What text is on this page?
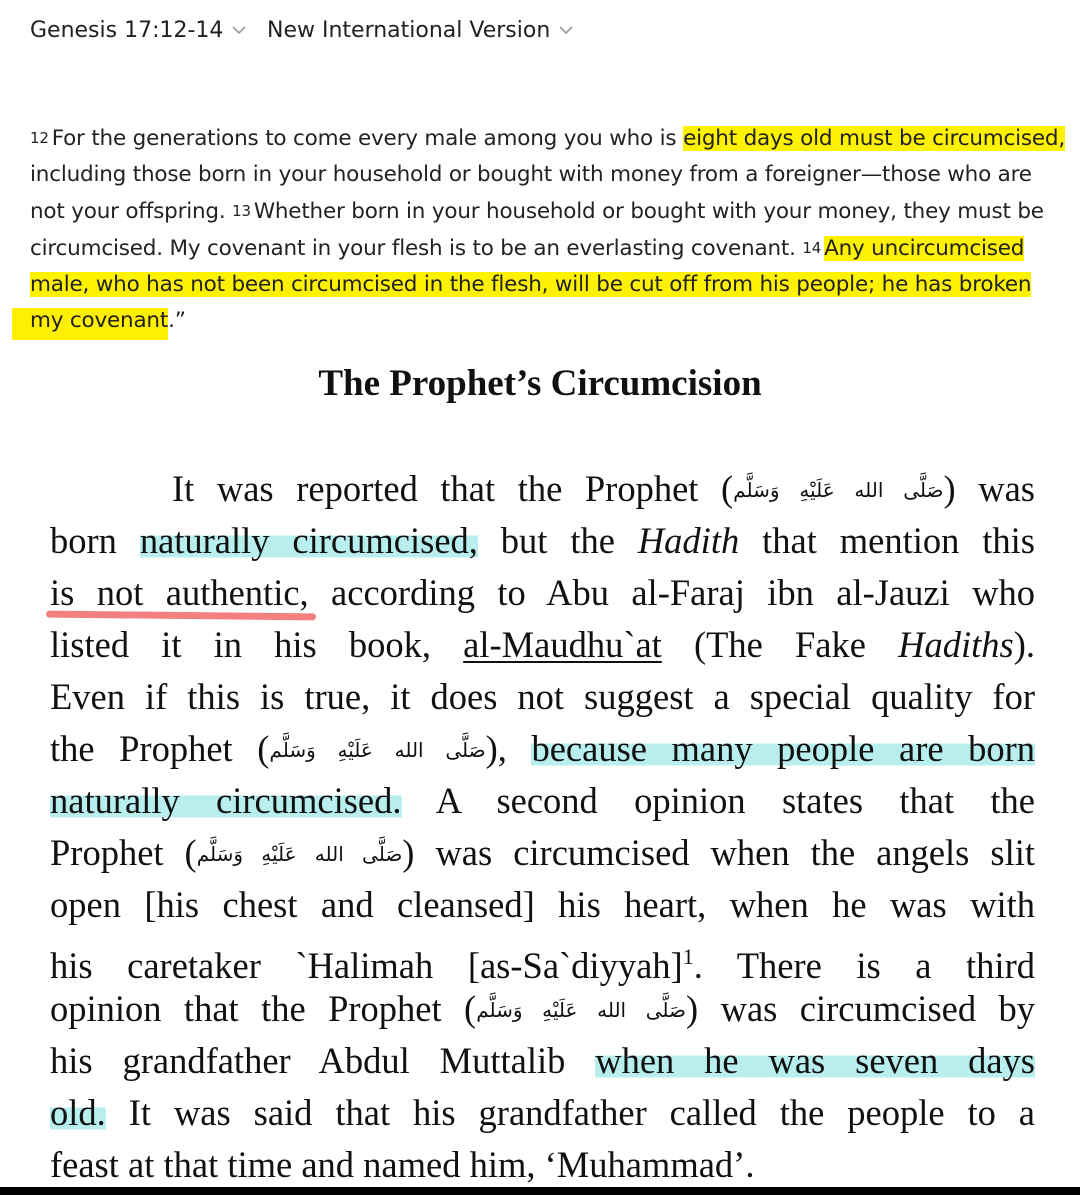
Genesis 17:12-14 New International Version
12 For the generations to come every male among you who is eight days old must be circumcised, including those born in your household or bought with money from a foreigner—those who are not your offspring. 13 Whether born in your household or bought with your money, they must be circumcised. My covenant in your flesh is to be an everlasting covenant. 14 Any uncircumcised male, who has not been circumcised in the flesh, will be cut off from his people; he has broken my covenant.”
The Prophet’s Circumcision
It was reported that the Prophet (صَلَّى الله عَلَيْهِ وَسَلَّم) was
born naturally circumcised, but the Hadith that mention this
is not authentic, according to Abu al-Faraj ibn al-Jauzi who
listed it in his book, al-Maudhu`at (The Fake Hadiths).
Even if this is true, it does not suggest a special quality for
the Prophet (صَلَّى الله عَلَيْهِ وَسَلَّم), because many people are born
naturally circumcised. A second opinion states that the
Prophet (صَلَّى الله عَلَيْهِ وَسَلَّم) was circumcised when the angels slit
open [his chest and cleansed] his heart, when he was with
his caretaker `Halimah [as-Sa`diyyah]$^1$. There is a third
opinion that the Prophet (صَلَّى الله عَلَيْهِ وَسَلَّم) was circumcised by
his grandfather Abdul Muttalib when he was seven days
old. It was said that his grandfather called the people to a
feast at that time and named him, ‘Muhammad’.
